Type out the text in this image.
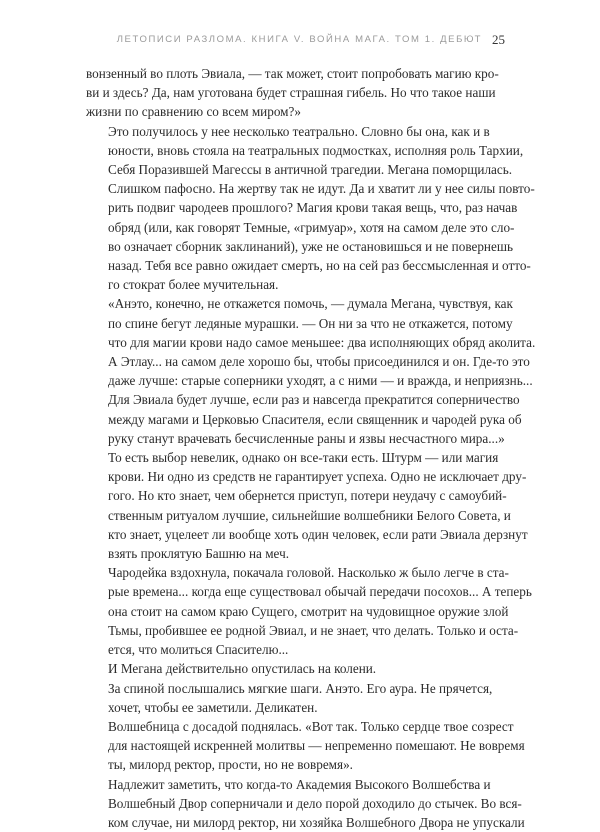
ЛЕТОПИСИ РАЗЛОМА. КНИГА V. ВОЙНА МАГА. ТОМ 1. ДЕБЮТ 25

вонзенный во плоть Эвиала, — так может, стоит попробовать магию кро-
ви и здесь? Да, нам уготована будет страшная гибель. Но что такое наши
жизни по сравнению со всем миром?»

Это получилось у нее несколько театрально. Словно бы она, как и в
юности, вновь стояла на театральных подмостках, исполняя роль Тархии,
Себя Поразившей Магессы в античной трагедии. Мегана поморщилась.
Слишком пафосно. На жертву так не идут. Да и хватит ли у нее силы повто-
рить подвиг чародеев прошлого? Магия крови такая вещь, что, раз начав
обряд (или, как говорят Темные, «гримуар», хотя на самом деле это сло-
во означает сборник заклинаний), уже не остановишься и не повернешь
назад. Тебя все равно ожидает смерть, но на сей раз бессмысленная и отто-
го стократ более мучительная.

«Анэто, конечно, не откажется помочь, — думала Мегана, чувствуя, как
по спине бегут ледяные мурашки. — Он ни за что не откажется, потому
что для магии крови надо самое меньшее: два исполняющих обряд аколита.
А Этлау... на самом деле хорошо бы, чтобы присоединился и он. Где-то это
даже лучше: старые соперники уходят, а с ними — и вражда, и неприязнь...
Для Эвиала будет лучше, если раз и навсегда прекратится соперничество
между магами и Церковью Спасителя, если священник и чародей рука об
руку станут врачевать бесчисленные раны и язвы несчастного мира...»

То есть выбор невелик, однако он все-таки есть. Штурм — или магия
крови. Ни одно из средств не гарантирует успеха. Одно не исключает дру-
гого. Но кто знает, чем обернется приступ, потери неудачу с самоубий-
ственным ритуалом лучшие, сильнейшие волшебники Белого Совета, и
кто знает, уцелеет ли вообще хоть один человек, если рати Эвиала дерзнут
взять проклятую Башню на меч.

Чародейка вздохнула, покачала головой. Насколько ж было легче в ста-
рые времена... когда еще существовал обычай передачи посохов... А теперь
она стоит на самом краю Сущего, смотрит на чудовищное оружие злой
Тьмы, пробившее ее родной Эвиал, и не знает, что делать. Только и оста-
ется, что молиться Спасителю...

И Мегана действительно опустилась на колени.

За спиной послышались мягкие шаги. Анэто. Его аура. Не прячется,
хочет, чтобы ее заметили. Деликатен.

Волшебница с досадой поднялась. «Вот так. Только сердце твое созрест
для настоящей искренней молитвы — непременно помешают. Не вовремя
ты, милорд ректор, прости, но не вовремя».

Надлежит заметить, что когда-то Академия Высокого Волшебства и
Волшебный Двор соперничали и дело порой доходило до стычек. Во вся-
ком случае, ни милорд ректор, ни хозяйка Волшебного Двора не упускали
